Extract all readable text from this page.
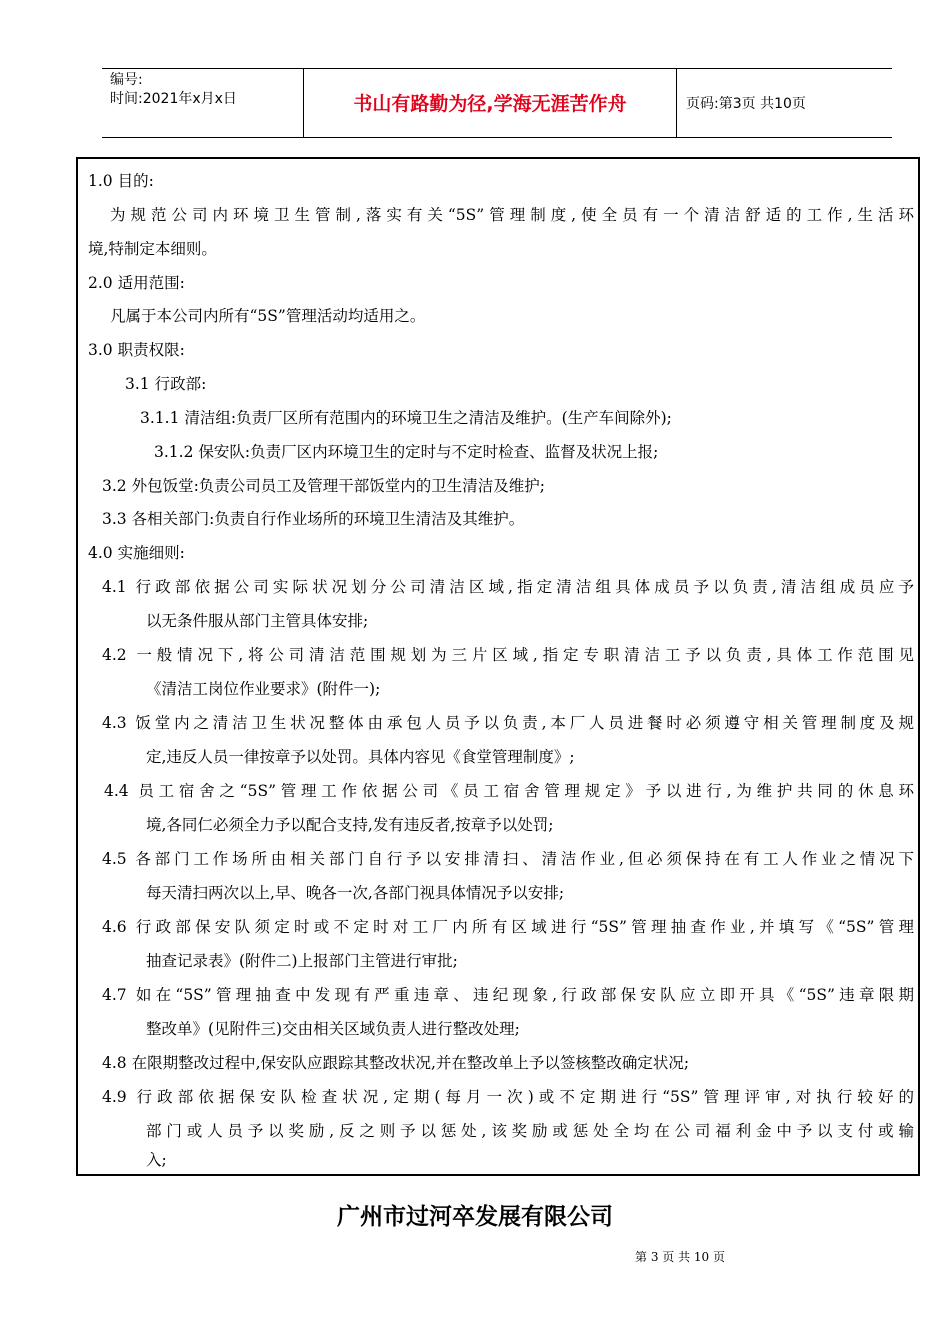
编号:
时间:2021年x月x日	书山有路勤为径,学海无涯苦作舟	页码:第3页 共10页
1.0 目的:
为规范公司内环境卫生管制,落实有关“5S”管理制度,使全员有一个清洁舒适的工作,生活环
境,特制定本细则。
2.0 适用范围:
凡属于本公司内所有“5S”管理活动均适用之。
3.0 职责权限:
3.1 行政部:
3.1.1 清洁组:负责厂区所有范围内的环境卫生之清洁及维护。(生产车间除外);
3.1.2 保安队:负责厂区内环境卫生的定时与不定时检查、监督及状况上报;
3.2 外包饭堂:负责公司员工及管理干部饭堂内的卫生清洁及维护;
3.3 各相关部门:负责自行作业场所的环境卫生清洁及其维护。
4.0 实施细则:
4.1 行政部依据公司实际状况划分公司清洁区域,指定清洁组具体成员予以负责,清洁组成员应予
以无条件服从部门主管具体安排;
4.2 一般情况下,将公司清洁范围规划为三片区域,指定专职清洁工予以负责,具体工作范围见
《清洁工岗位作业要求》(附件一);
4.3 饭堂内之清洁卫生状况整体由承包人员予以负责,本厂人员进餐时必须遵守相关管理制度及规
定,违反人员一律按章予以处罚。具体内容见《食堂管理制度》;
4.4 员工宿舍之“5S”管理工作依据公司《员工宿舍管理规定》予以进行,为维护共同的休息环
境,各同仁必须全力予以配合支持,发有违反者,按章予以处罚;
4.5 各部门工作场所由相关部门自行予以安排清扫、清洁作业,但必须保持在有工人作业之情况下
每天清扫两次以上,早、晚各一次,各部门视具体情况予以安排;
4.6 行政部保安队须定时或不定时对工厂内所有区域进行“5S”管理抽查作业,并填写《“5S”管理
抽查记录表》(附件二)上报部门主管进行审批;
4.7 如在“5S”管理抽查中发现有严重违章、违纪现象,行政部保安队应立即开具《“5S”违章限期
整改单》(见附件三)交由相关区域负责人进行整改处理;
4.8 在限期整改过程中,保安队应跟踪其整改状况,并在整改单上予以签核整改确定状况;
4.9 行政部依据保安队检查状况,定期(每月一次)或不定期进行“5S”管理评审,对执行较好的
部门或人员予以奖励,反之则予以惩处,该奖励或惩处全均在公司福利金中予以支付或输
入;
广州市过河卒发展有限公司
第 3 页 共 10 页
